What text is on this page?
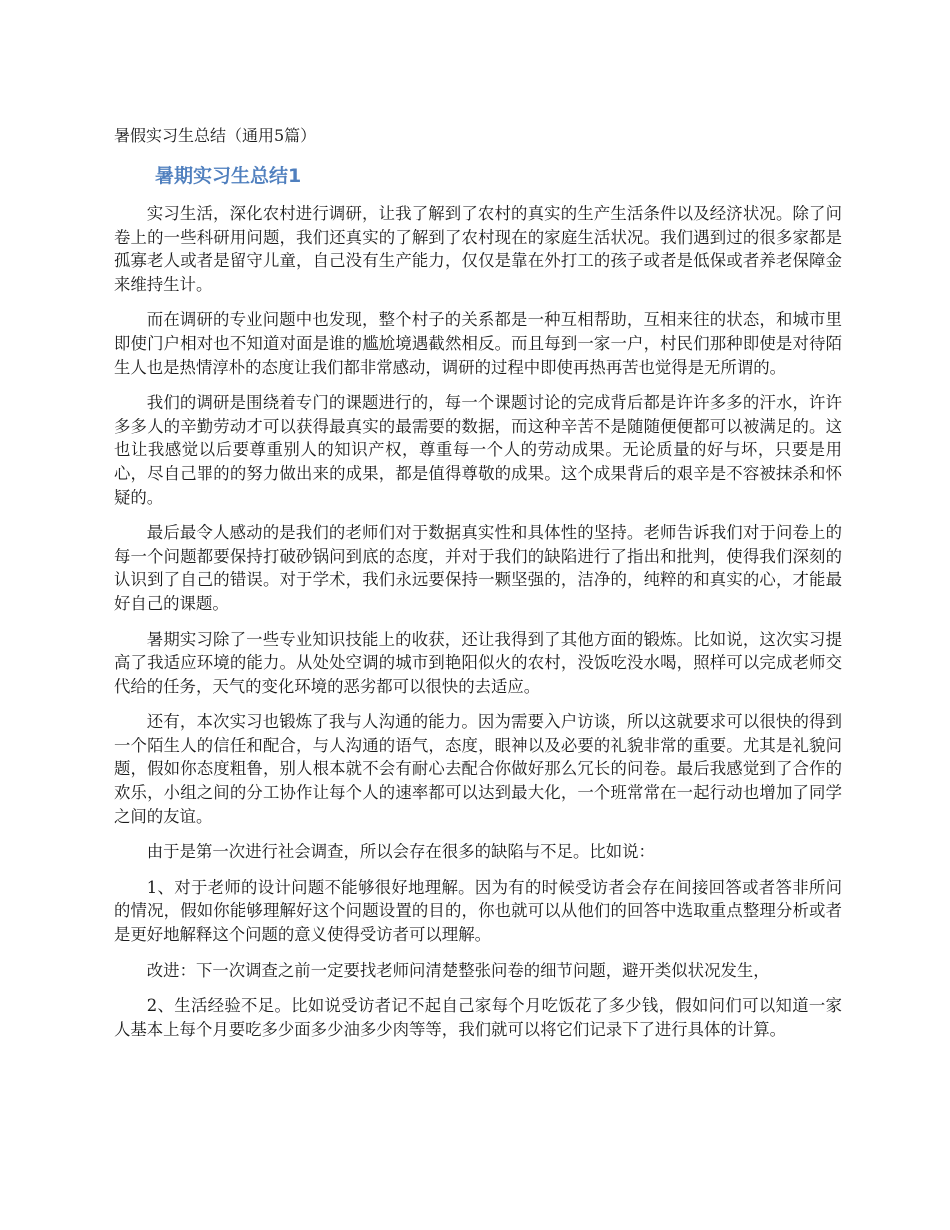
暑假实习生总结（通用5篇）
暑期实习生总结1

实习生活，深化农村进行调研，让我了解到了农村的真实的生产生活条件以及经济状况。除了问卷上的一些科研用问题，我们还真实的了解到了农村现在的家庭生活状况。我们遇到过的很多家都是孤寡老人或者是留守儿童，自己没有生产能力，仅仅是靠在外打工的孩子或者是低保或者养老保障金来维持生计。

而在调研的专业问题中也发现，整个村子的关系都是一种互相帮助，互相来往的状态，和城市里即使门户相对也不知道对面是谁的尴尬境遇截然相反。而且每到一家一户，村民们那种即使是对待陌生人也是热情淳朴的态度让我们都非常感动，调研的过程中即使再热再苦也觉得是无所谓的。

我们的调研是围绕着专门的课题进行的，每一个课题讨论的完成背后都是许许多多的汗水，许许多多人的辛勤劳动才可以获得最真实的最需要的数据，而这种辛苦不是随随便便都可以被满足的。这也让我感觉以后要尊重别人的知识产权，尊重每一个人的劳动成果。无论质量的好与坏，只要是用心，尽自己罪的的努力做出来的成果，都是值得尊敬的成果。这个成果背后的艰辛是不容被抹杀和怀疑的。

最后最令人感动的是我们的老师们对于数据真实性和具体性的坚持。老师告诉我们对于问卷上的每一个问题都要保持打破砂锅问到底的态度，并对于我们的缺陷进行了指出和批判，使得我们深刻的认识到了自己的错误。对于学术，我们永远要保持一颗坚强的，洁净的，纯粹的和真实的心，才能最好自己的课题。

暑期实习除了一些专业知识技能上的收获，还让我得到了其他方面的锻炼。比如说，这次实习提高了我适应环境的能力。从处处空调的城市到艳阳似火的农村，没饭吃没水喝，照样可以完成老师交代给的任务，天气的变化环境的恶劣都可以很快的去适应。

还有，本次实习也锻炼了我与人沟通的能力。因为需要入户访谈，所以这就要求可以很快的得到一个陌生人的信任和配合，与人沟通的语气，态度，眼神以及必要的礼貌非常的重要。尤其是礼貌问题，假如你态度粗鲁，别人根本就不会有耐心去配合你做好那么冗长的问卷。最后我感觉到了合作的欢乐，小组之间的分工协作让每个人的速率都可以达到最大化，一个班常常在一起行动也增加了同学之间的友谊。

由于是第一次进行社会调查，所以会存在很多的缺陷与不足。比如说：

1、对于老师的设计问题不能够很好地理解。因为有的时候受访者会存在间接回答或者答非所问的情况，假如你能够理解好这个问题设置的目的，你也就可以从他们的回答中选取重点整理分析或者是更好地解释这个问题的意义使得受访者可以理解。

改进：下一次调查之前一定要找老师问清楚整张问卷的细节问题，避开类似状况发生，

2、生活经验不足。比如说受访者记不起自己家每个月吃饭花了多少钱，假如问们可以知道一家人基本上每个月要吃多少面多少油多少肉等等，我们就可以将它们记录下了进行具体的计算。
